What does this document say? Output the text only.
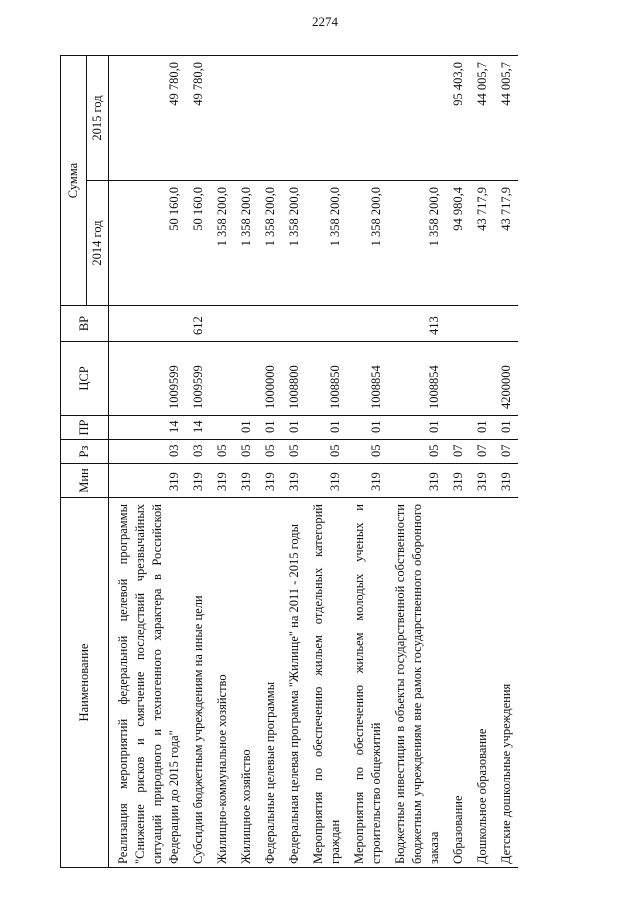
2274
Наименование	Мин	Рз	ПР	ЦСР	ВР	Сумма	
						2014 год	2015 год
Реализация мероприятий федеральной целевой программы "Снижение рисков и смягчение последствий чрезвычайных ситуаций природного и техногенного характера в Российской Федерации до 2015 года"	319	03	14	1009599		50 160,0	49 780,0
Субсидии бюджетным учреждениям на иные цели	319	03	14	1009599	612	50 160,0	49 780,0
Жилищно-коммунальное хозяйство	319	05				1 358 200,0	
Жилищное хозяйство	319	05	01			1 358 200,0	
Федеральные целевые программы	319	05	01	1000000		1 358 200,0	
Федеральная целевая программа "Жилище" на 2011 - 2015 годы	319	05	01	1008800		1 358 200,0	
Мероприятия по обеспечению жильем отдельных категорий граждан	319	05	01	1008850		1 358 200,0	
Мероприятия по обеспечению жильем молодых ученых и строительство общежитий	319	05	01	1008854		1 358 200,0	
Бюджетные инвестиции в объекты государственной собственности бюджетным учреждениям вне рамок государственного оборонного заказа	319	05	01	1008854	413	1 358 200,0	
Образование	319	07				94 980,4	95 403,0
Дошкольное образование	319	07	01			43 717,9	44 005,7
Детские дошкольные учреждения	319	07	01	4200000		43 717,9	44 005,7
